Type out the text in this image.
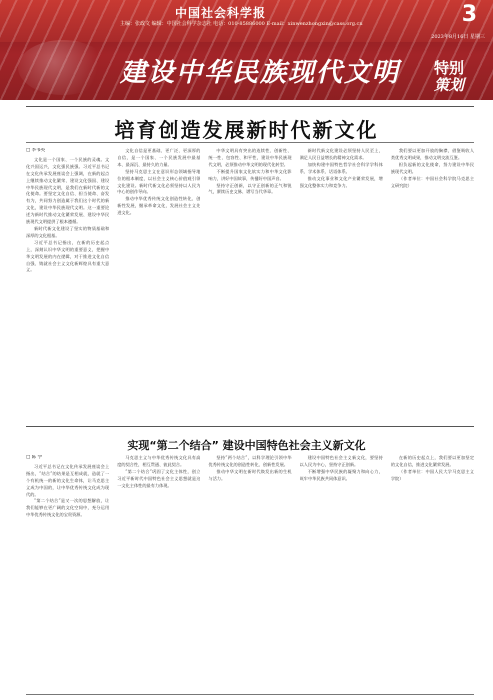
中国社会科学报
主编：张政文 编辑：中国社会科学杂志社 电话：010-85886000 E-mail：xinwenzhongxin@cass.org.cn	3
2023年8月16日 星期三
建设中华民族现代文明	特别
策划
培育创造发展新时代新文化
□ 李书英
文化是一个国家、一个民族的灵魂。文化兴国运兴，文化强民族强。习近平总书记在文化传承发展座谈会上强调，在新的起点上继续推动文化繁荣、建设文化强国、建设中华民族现代文明，是我们在新时代新的文化使命。要坚定文化自信、担当使命、奋发有为，共同努力创造属于我们这个时代的新文化，建设中华民族现代文明。这一重要论述为新时代推动文化繁荣发展、建设中华民族现代文明提供了根本遵循。
新时代新文化建设了坚实的物质基础和深厚的文化根基。
习近平总书记指出，在新的历史起点上，深刻认识中华文明的重要意义，把握中华文明发展的内在逻辑，对于推进文化自信自强、铸就社会主义文化新辉煌具有重大意义。
文化自信是更基础、更广泛、更深厚的自信，是一个国家、一个民族发展中最基本、最深沉、最持久的力量。
坚持马克思主义在意识形态领域指导地位的根本制度，以社会主义核心价值观引领文化建设。新时代新文化必须坚持以人民为中心的创作导向。
推动中华优秀传统文化创造性转化、创新性发展，继承革命文化，发展社会主义先进文化。
中华文明具有突出的连续性、创新性、统一性、包容性、和平性，建设中华民族现代文明，必须推动中华文明的现代化转型。
不断提升国家文化软实力和中华文化影响力，讲好中国故事，传播好中国声音。
坚持守正创新，以守正创新的正气和锐气，赓续历史文脉、谱写当代华章。
新时代新文化建设必须坚持人民至上，满足人民日益增长的精神文化需求。
加快构建中国特色哲学社会科学学科体系、学术体系、话语体系。
推动文化事业和文化产业繁荣发展，增强文化整体实力和竞争力。
我们要以更加开放的胸襟，借鉴吸收人类优秀文明成果，推动文明交流互鉴。
担负起新的文化使命，努力建设中华民族现代文明。
（作者单位：中国社会科学院马克思主义研究院）
实现“第二个结合” 建设中国特色社会主义新文化
□ 陈 学
习近平总书记在文化传承发展座谈会上指出，“结合”的结果是互相成就，造就了一个有机统一的新的文化生命体，让马克思主义成为中国的，让中华优秀传统文化成为现代的。
“第二个结合”是又一次的思想解放，让我们能够在更广阔的文化空间中，充分运用中华优秀传统文化的宝贵资源。
马克思主义与中华优秀传统文化具有高度的契合性，相互贯通、彼此契合。
“第二个结合”巩固了文化主体性，创立习近平新时代中国特色社会主义思想就是这一文化主体性的最有力体现。
坚持“两个结合”，以科学理论引领中华优秀传统文化的创造性转化、创新性发展。
推动中华文明在新时代焕发出新的生机与活力。
建设中国特色社会主义新文化，要坚持以人民为中心，坚持守正创新。
不断增强中华民族的凝聚力和向心力，筑牢中华民族共同体意识。
在新的历史起点上，我们要以更加坚定的文化自信，推进文化繁荣发展。
（作者单位：中国人民大学马克思主义学院）
